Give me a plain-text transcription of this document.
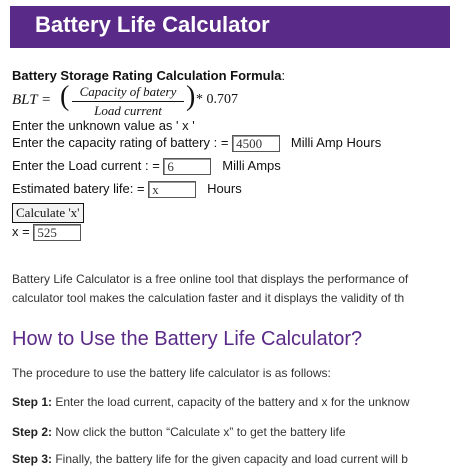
Battery Life Calculator
Battery Storage Rating Calculation Formula:
BLT = ( Capacity of batery
Load current ) * 0.707
Enter the unknown value as ' x '
Enter the capacity rating of battery : = 4500 Milli Amp Hours
Enter the Load current : = 6	Milli Amps
Estimated batery life: = x	Hours
Calculate 'x'
x = 525
Battery Life Calculator is a free online tool that displays the performance of
calculator tool makes the calculation faster and it displays the validity of th
How to Use the Battery Life Calculator?
The procedure to use the battery life calculator is as follows:
Step 1: Enter the load current, capacity of the battery and x for the unknow
Step 2: Now click the button “Calculate x” to get the battery life
Step 3: Finally, the battery life for the given capacity and load current will b
